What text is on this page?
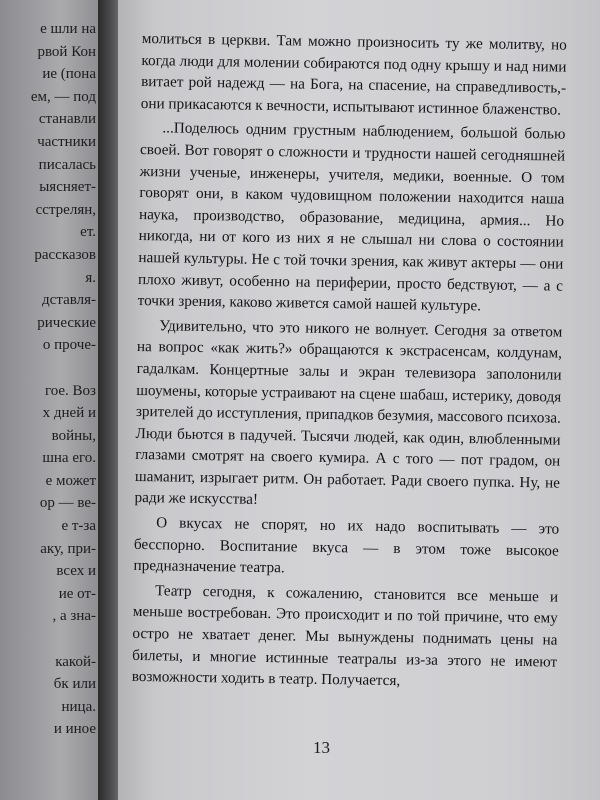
е шли на
рвой Кон
ие (пона
ем, — под
станавли
частники
писалась
ыясняет-
сстрелян,
ет.
рассказов
я.
дставля-
рические
о проче-
гое. Воз
х дней и
войны,
шна его.
е может
ор — ве-
е т-за
аку, при-
всех и
ие от-
, а зна-
какой-
бк или
ница.
и иное

молиться в церкви. Там можно произносить ту же молитву, но когда люди для молении собираются под одну крышу и над ними витает рой надежд — на Бога, на спасение, на справедливость,- они прикасаются к вечности, испытывают истинное блаженство.

...Поделюсь одним грустным наблюдением, большой болью своей. Вот говорят о сложности и трудности нашей сегодняшней жизни ученые, инженеры, учителя, медики, военные. О том говорят они, в каком чудовищном положении находится наша наука, производство, образование, медицина, армия... Но никогда, ни от кого из них я не слышал ни слова о состоянии нашей культуры. Не с той точки зрения, как живут актеры — они плохо живут, особенно на периферии, просто бедствуют, — а с точки зрения, каково живется самой нашей культуре.

Удивительно, что это никого не волнует. Сегодня за ответом на вопрос «как жить?» обращаются к экстрасенсам, колдунам, гадалкам. Концертные залы и экран телевизора заполонили шоумены, которые устраивают на сцене шабаш, истерику, доводя зрителей до исступления, припадков безумия, массового психоза. Люди бьются в падучей. Тысячи людей, как один, влюбленными глазами смотрят на своего кумира. А с того — пот градом, он шаманит, изрыгает ритм. Он работает. Ради своего пупка. Ну, не ради же искусства!

О вкусах не спорят, но их надо воспитывать — это бесспорно. Воспитание вкуса — в этом тоже высокое предназначение театра.

Театр сегодня, к сожалению, становится все меньше и меньше востребован. Это происходит и по той причине, что ему остро не хватает денег. Мы вынуждены поднимать цены на билеты, и многие истинные театралы из-за этого не имеют возможности ходить в театр. Получается,

13
